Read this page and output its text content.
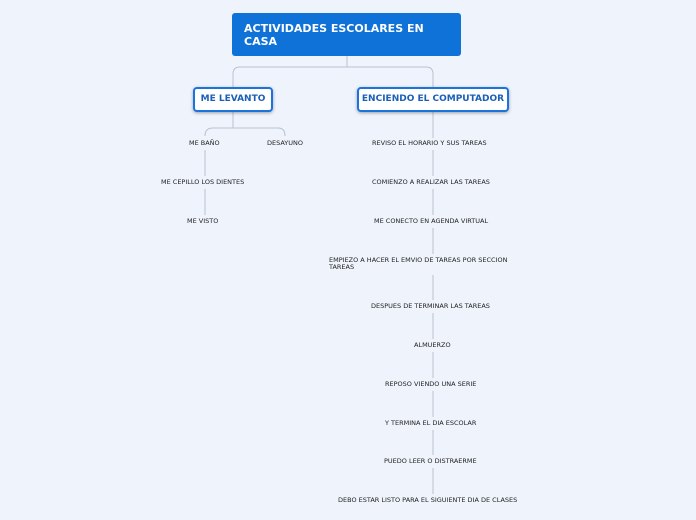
ACTIVIDADES ESCOLARES EN CASA
ME LEVANTO	ENCIENDO EL COMPUTADOR
ME BAÑO	DESAYUNO
ME CEPILLO LOS DIENTES
ME VISTO
REVISO EL HORARIO Y SUS TAREAS
COMIENZO A REALIZAR LAS TAREAS
ME CONECTO EN AGENDA VIRTUAL
EMPIEZO A HACER EL EMVIO DE TAREAS POR SECCION
TAREAS
DESPUES DE TERMINAR LAS TAREAS
ALMUERZO
REPOSO VIENDO UNA SERIE
Y TERMINA EL DIA ESCOLAR
PUEDO LEER O DISTRAERME
DEBO ESTAR LISTO PARA EL SIGUIENTE DIA DE CLASES
